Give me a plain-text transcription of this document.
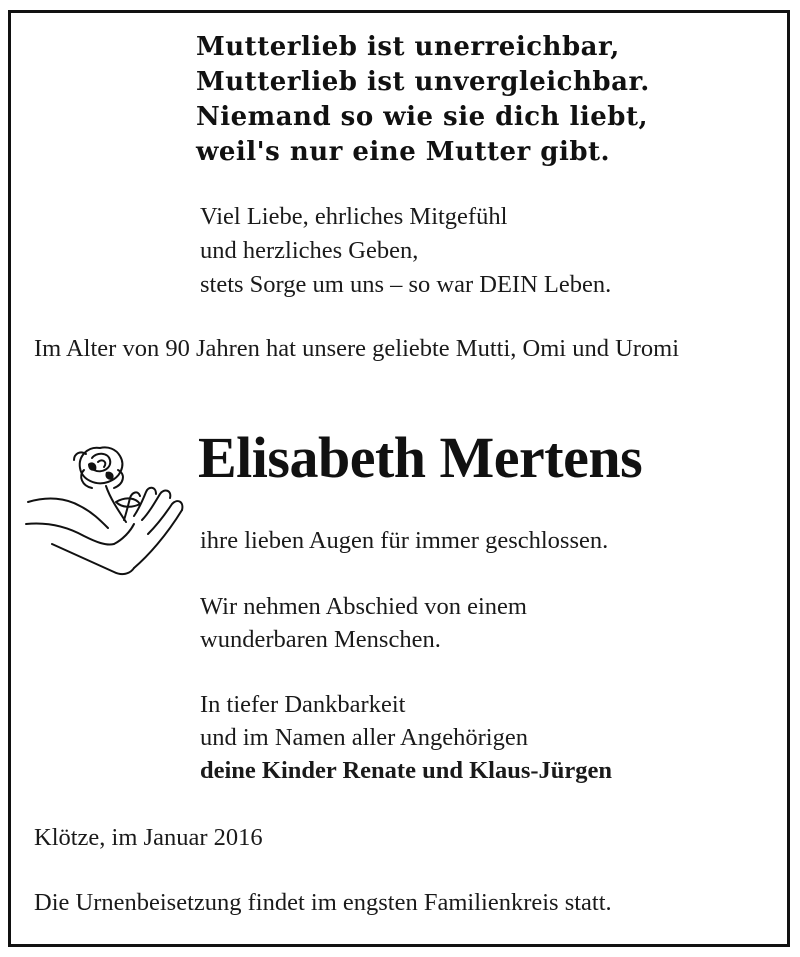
Mutterlieb ist unerreichbar,
Mutterlieb ist unvergleichbar.
Niemand so wie sie dich liebt,
weil's nur eine Mutter gibt.
Viel Liebe, ehrliches Mitgefühl
und herzliches Geben,
stets Sorge um uns – so war DEIN Leben.
Im Alter von 90 Jahren hat unsere geliebte Mutti, Omi und Uromi
Elisabeth Mertens
ihre lieben Augen für immer geschlossen.
Wir nehmen Abschied von einem
wunderbaren Menschen.
In tiefer Dankbarkeit
und im Namen aller Angehörigen
deine Kinder Renate und Klaus-Jürgen
Klötze, im Januar 2016
Die Urnenbeisetzung findet im engsten Familienkreis statt.
